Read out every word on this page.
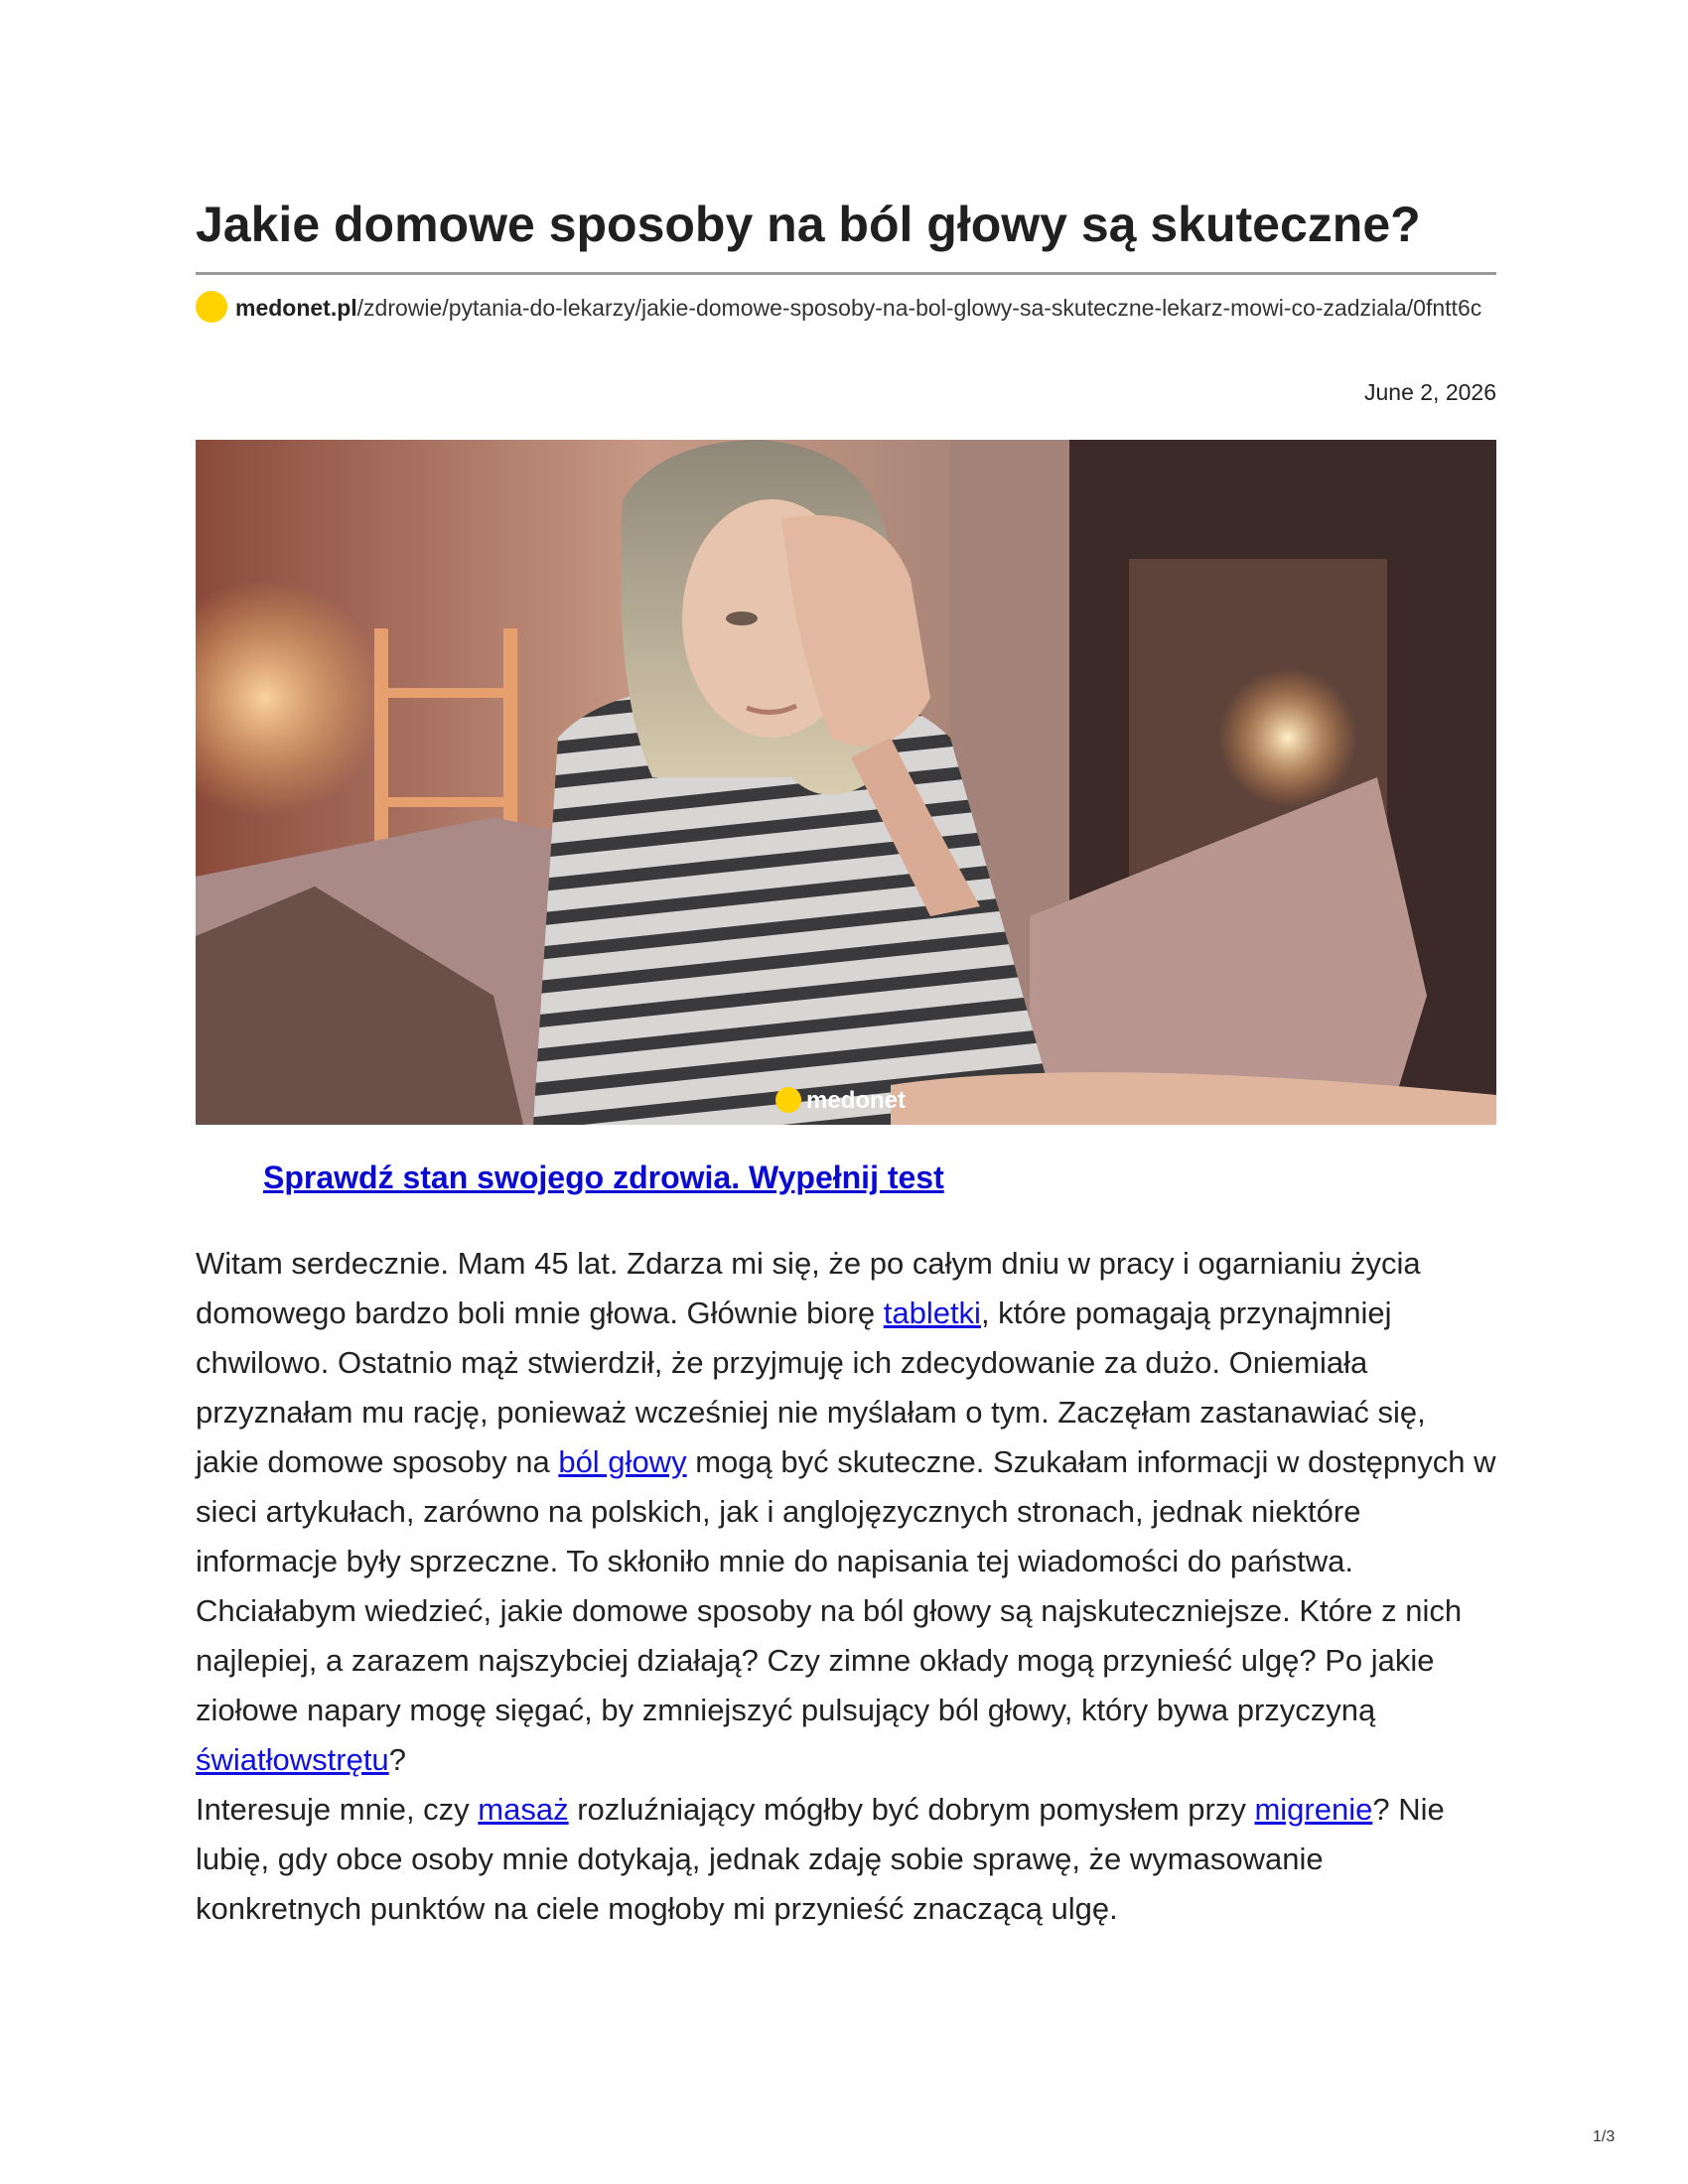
Jakie domowe sposoby na ból głowy są skuteczne?
medonet.pl/zdrowie/pytania-do-lekarzy/jakie-domowe-sposoby-na-bol-glowy-sa-skuteczne-lekarz-mowi-co-zadziala/0fntt6c
June 2, 2026
medonet
Sprawdź stan swojego zdrowia. Wypełnij test

Witam serdecznie. Mam 45 lat. Zdarza mi się, że po całym dniu w pracy i ogarnianiu życia domowego bardzo boli mnie głowa. Głównie biorę tabletki, które pomagają przynajmniej chwilowo. Ostatnio mąż stwierdził, że przyjmuję ich zdecydowanie za dużo. Oniemiała przyznałam mu rację, ponieważ wcześniej nie myślałam o tym. Zaczęłam zastanawiać się, jakie domowe sposoby na ból głowy mogą być skuteczne. Szukałam informacji w dostępnych w sieci artykułach, zarówno na polskich, jak i anglojęzycznych stronach, jednak niektóre informacje były sprzeczne. To skłoniło mnie do napisania tej wiadomości do państwa.

Chciałabym wiedzieć, jakie domowe sposoby na ból głowy są najskuteczniejsze. Które z nich najlepiej, a zarazem najszybciej działają? Czy zimne okłady mogą przynieść ulgę? Po jakie ziołowe napary mogę sięgać, by zmniejszyć pulsujący ból głowy, który bywa przyczyną światłowstrętu?

Interesuje mnie, czy masaż rozluźniający mógłby być dobrym pomysłem przy migrenie? Nie lubię, gdy obce osoby mnie dotykają, jednak zdaję sobie sprawę, że wymasowanie konkretnych punktów na ciele mogłoby mi przynieść znaczącą ulgę.

1/3
